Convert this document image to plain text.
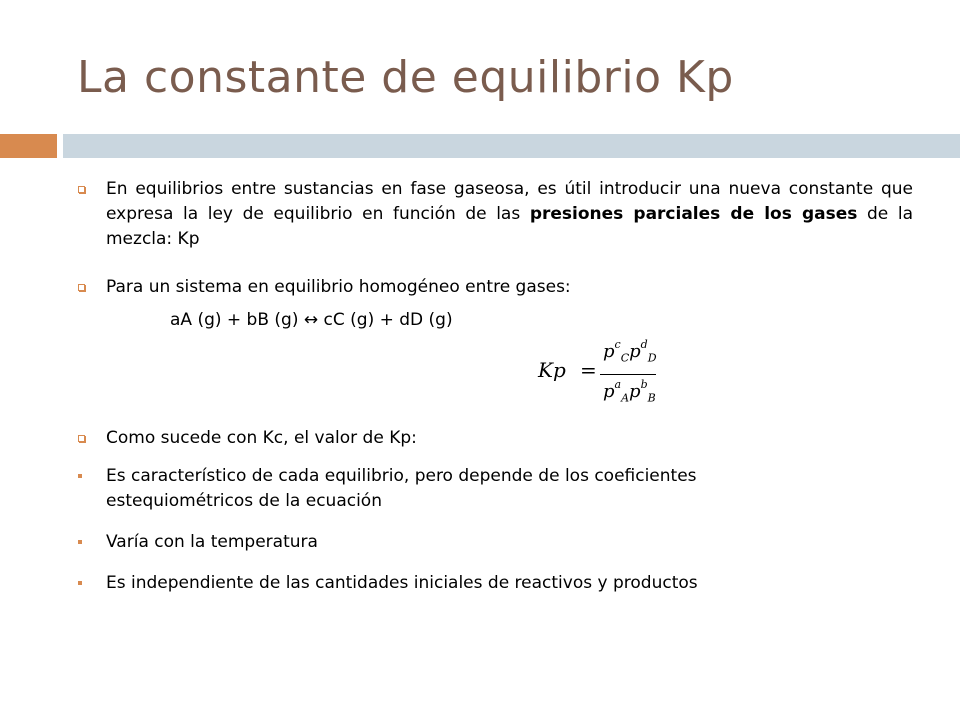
La constante de equilibrio Kp
En equilibrios entre sustancias en fase gaseosa, es útil introducir una nueva constante que expresa la ley de equilibrio en función de las presiones parciales de los gases de la mezcla: Kp
Para un sistema en equilibrio homogéneo entre gases:
aA (g) + bB (g) ↔ cC (g) + dD (g)
Kp =
$p^c_Cp^d_D$
$p^a_Ap^b_B$
Como sucede con Kc, el valor de Kp:
Es característico de cada equilibrio, pero depende de los coeficientes estequiométricos de la ecuación
Varía con la temperatura
Es independiente de las cantidades iniciales de reactivos y productos
